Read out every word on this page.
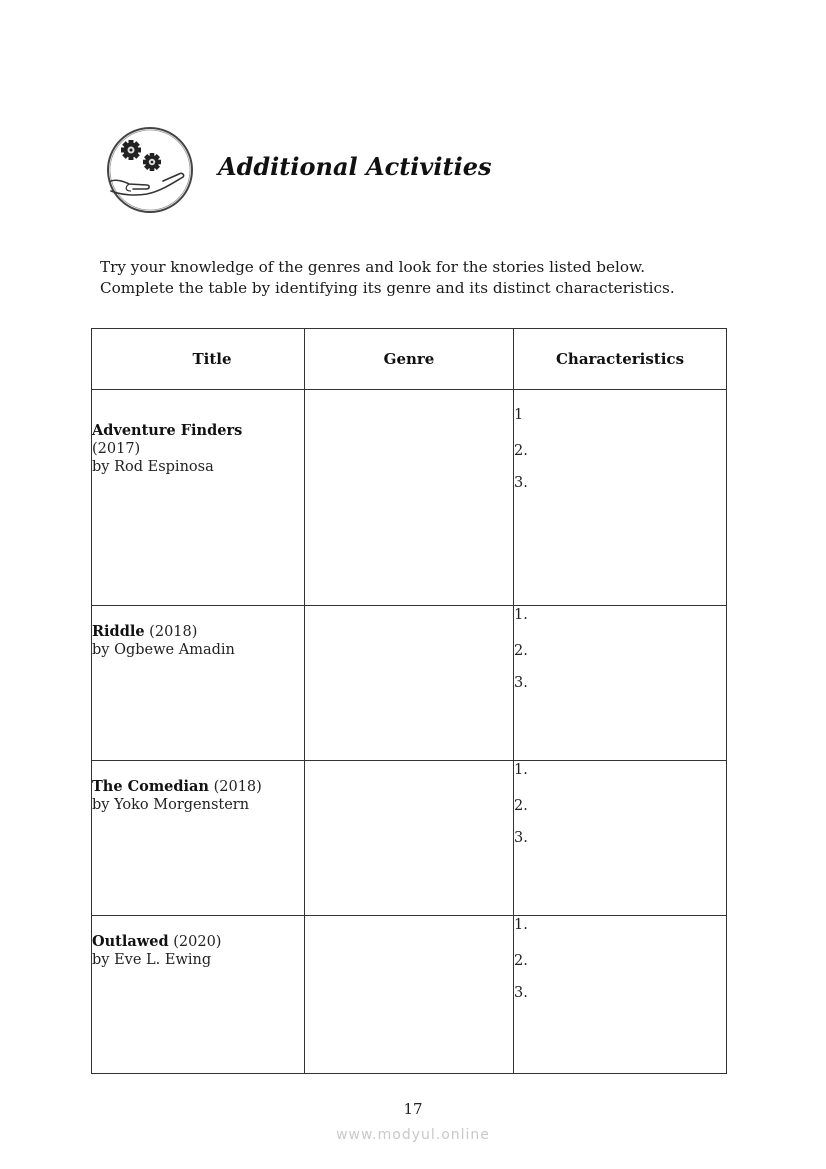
Additional Activities

Try your knowledge of the genres and look for the stories listed below.

Complete the table by identifying its genre and its distinct characteristics.

Title	Genre	Characteristics

Adventure Finders
(2017)
by Rod Espinosa		1
2.
3.

Riddle (2018)
by Ogbewe Amadin		1.
2.
3.

The Comedian (2018)
by Yoko Morgenstern		1.
2.
3.

Outlawed (2020)
by Eve L. Ewing		1.
2.
3.
17
www.modyul.online
